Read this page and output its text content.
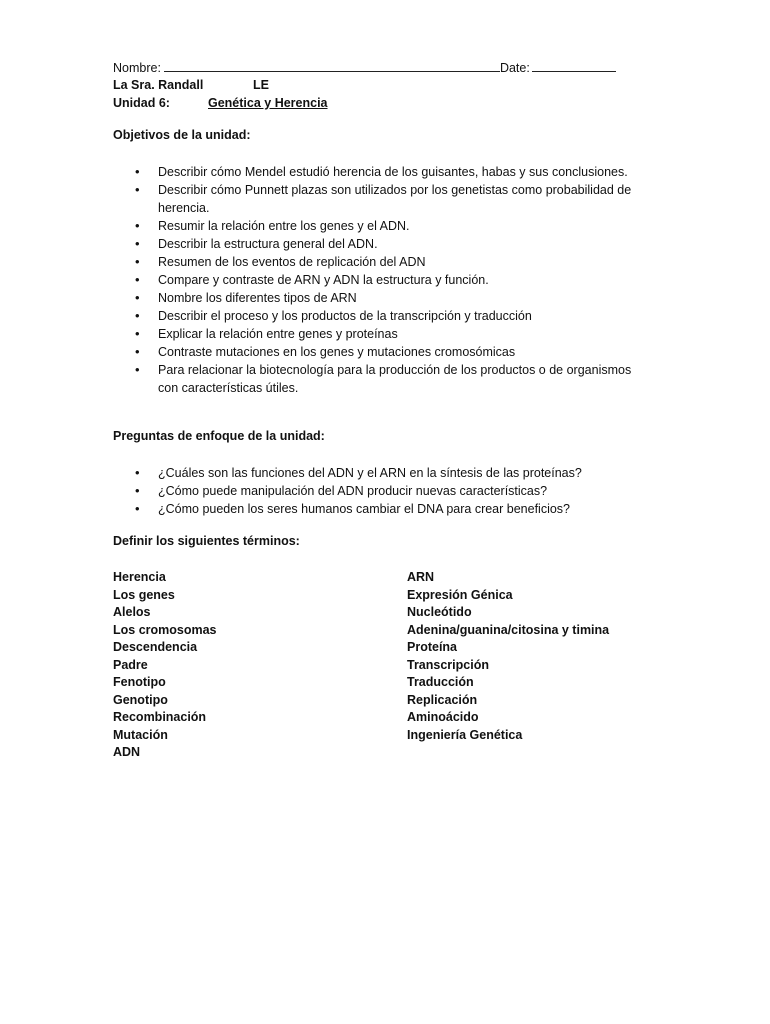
Nombre:	Date:
La Sra. Randall	LE
Unidad 6:	Genética y Herencia
Objetivos de la unidad:
• Describir cómo Mendel estudió herencia de los guisantes, habas y sus conclusiones.
• Describir cómo Punnett plazas son utilizados por los genetistas como probabilidad de herencia.
• Resumir la relación entre los genes y el ADN.
• Describir la estructura general del ADN.
• Resumen de los eventos de replicación del ADN
• Compare y contraste de ARN y ADN la estructura y función.
• Nombre los diferentes tipos de ARN
• Describir el proceso y los productos de la transcripción y traducción
• Explicar la relación entre genes y proteínas
• Contraste mutaciones en los genes y mutaciones cromosómicas
• Para relacionar la biotecnología para la producción de los productos o de organismos con características útiles.
Preguntas de enfoque de la unidad:
• ¿Cuáles son las funciones del ADN y el ARN en la síntesis de las proteínas?
• ¿Cómo puede manipulación del ADN producir nuevas características?
• ¿Cómo pueden los seres humanos cambiar el DNA para crear beneficios?
Definir los siguientes términos:
Herencia
Los genes
Alelos
Los cromosomas
Descendencia
Padre
Fenotipo
Genotipo
Recombinación
Mutación
ADN
ARN
Expresión Génica
Nucleótido
Adenina/guanina/citosina y timina
Proteína
Transcripción
Traducción
Replicación
Aminoácido
Ingeniería Genética
